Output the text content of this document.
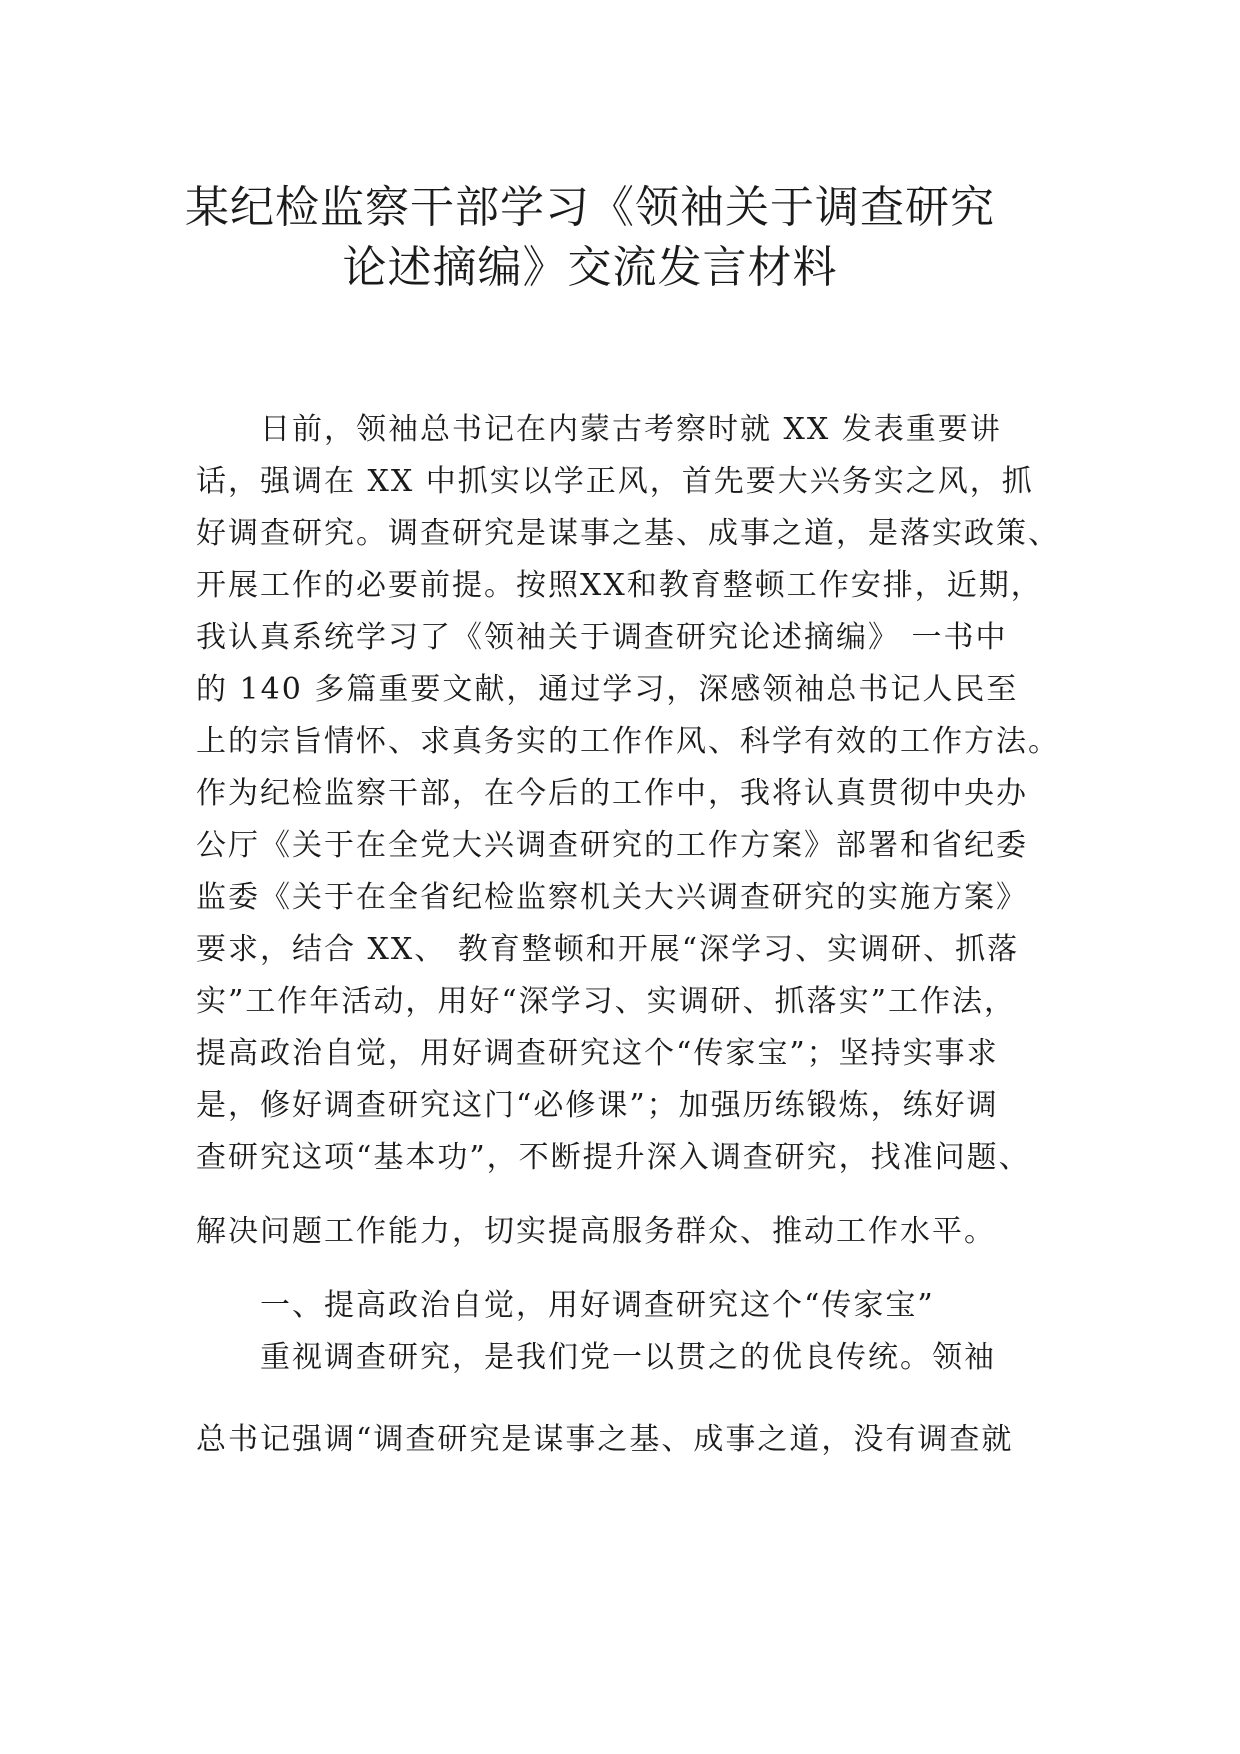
某纪检监察干部学习《领袖关于调查研究
论述摘编》交流发言材料
日前，领袖总书记在内蒙古考察时就 XX 发表重要讲
话，强调在 XX 中抓实以学正风，首先要大兴务实之风，抓
好调查研究。调查研究是谋事之基、成事之道，是落实政策、
开展工作的必要前提。按照XX和教育整顿工作安排，近期，
我认真系统学习了《领袖关于调查研究论述摘编》 一书中
的 140 多篇重要文献，通过学习，深感领袖总书记人民至
上的宗旨情怀、求真务实的工作作风、科学有效的工作方法。
作为纪检监察干部，在今后的工作中，我将认真贯彻中央办
公厅《关于在全党大兴调查研究的工作方案》部署和省纪委
监委《关于在全省纪检监察机关大兴调查研究的实施方案》
要求，结合 XX、 教育整顿和开展“深学习、实调研、抓落
实”工作年活动，用好“深学习、实调研、抓落实”工作法，
提高政治自觉，用好调查研究这个“传家宝”；坚持实事求
是，修好调查研究这门“必修课”；加强历练锻炼，练好调
查研究这项“基本功”，不断提升深入调查研究，找准问题、
解决问题工作能力，切实提高服务群众、推动工作水平。
一、提高政治自觉，用好调查研究这个“传家宝”
重视调查研究，是我们党一以贯之的优良传统。领袖
总书记强调“调查研究是谋事之基、成事之道，没有调查就
